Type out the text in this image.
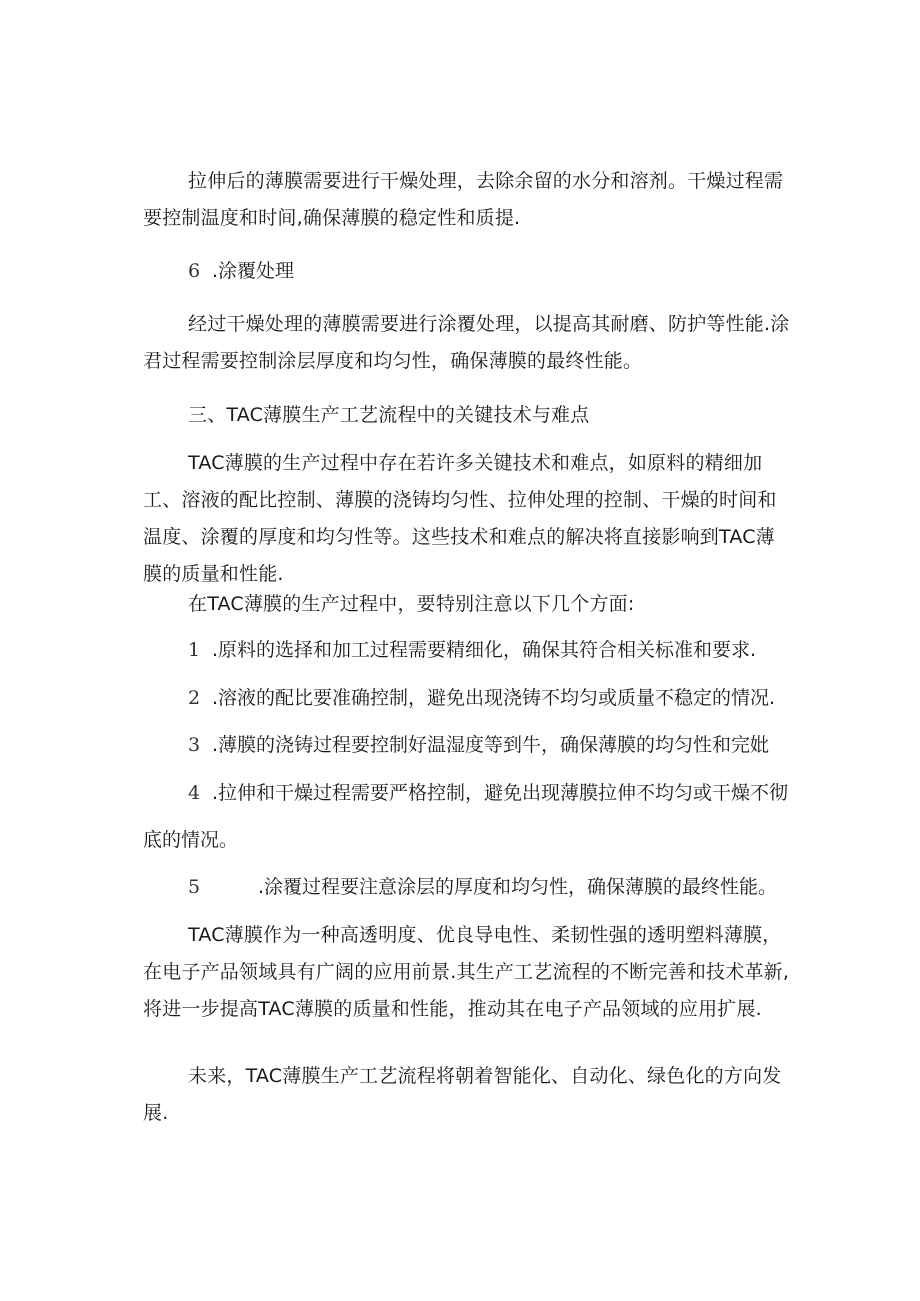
拉伸后的薄膜需要进行干燥处理，去除余留的水分和溶剂。干燥过程需要控制温度和时间,确保薄膜的稳定性和质提.
6 .涂覆处理
经过干燥处理的薄膜需要进行涂覆处理，以提高其耐磨、防护等性能.涂君过程需要控制涂层厚度和均匀性，确保薄膜的最终性能。
三、TAC薄膜生产工艺流程中的关键技术与难点
TAC薄膜的生产过程中存在若许多关键技术和难点，如原料的精细加工、溶液的配比控制、薄膜的浇铸均匀性、拉伸处理的控制、干燥的时间和温度、涂覆的厚度和均匀性等。这些技术和难点的解决将直接影响到TAC薄膜的质量和性能.
在TAC薄膜的生产过程中，要特别注意以下几个方面:
1 .原料的选择和加工过程需要精细化，确保其符合相关标准和要求.
2 .溶液的配比要准确控制，避免出现浇铸不均匀或质量不稳定的情况.
3 .薄膜的浇铸过程要控制好温湿度等到牛，确保薄膜的均匀性和完妣
4 .拉伸和干燥过程需要严格控制，避免出现薄膜拉伸不均匀或干燥不彻
底的情况。
5	.涂覆过程要注意涂层的厚度和均匀性，确保薄膜的最终性能。
TAC薄膜作为一种高透明度、优良导电性、柔韧性强的透明塑料薄膜，在电子产品领域具有广阔的应用前景.其生产工艺流程的不断完善和技术革新,将进一步提高TAC薄膜的质量和性能，推动其在电子产品领域的应用扩展.
未来，TAC薄膜生产工艺流程将朝着智能化、自动化、绿色化的方向发展.
